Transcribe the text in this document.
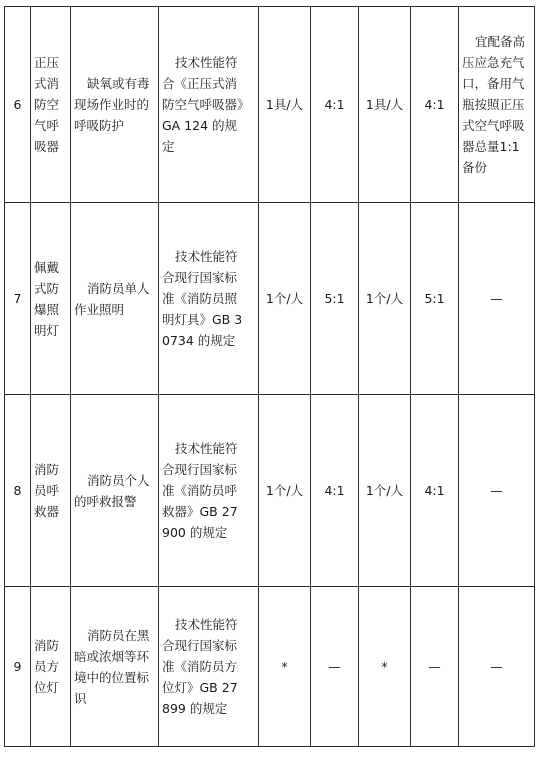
6	正压式消防空气呼吸器	缺氧或有毒现场作业时的呼吸防护	技术性能符合《正压式消防空气呼吸器》GA 124 的规定	1具/人	4:1	1具/人	4:1	宜配备高压应急充气口，备用气瓶按照正压式空气呼吸器总量1:1备份
7	佩戴式防爆照明灯	消防员单人作业照明	技术性能符合现行国家标准《消防员照明灯具》GB 30734 的规定	1个/人	5:1	1个/人	5:1	—
8	消防员呼救器	消防员个人的呼救报警	技术性能符合现行国家标准《消防员呼救器》GB 27900 的规定	1个/人	4:1	1个/人	4:1	—
9	消防员方位灯	消防员在黑暗或浓烟等环境中的位置标识	技术性能符合现行国家标准《消防员方位灯》GB 27899 的规定	*	—	*	—	—
